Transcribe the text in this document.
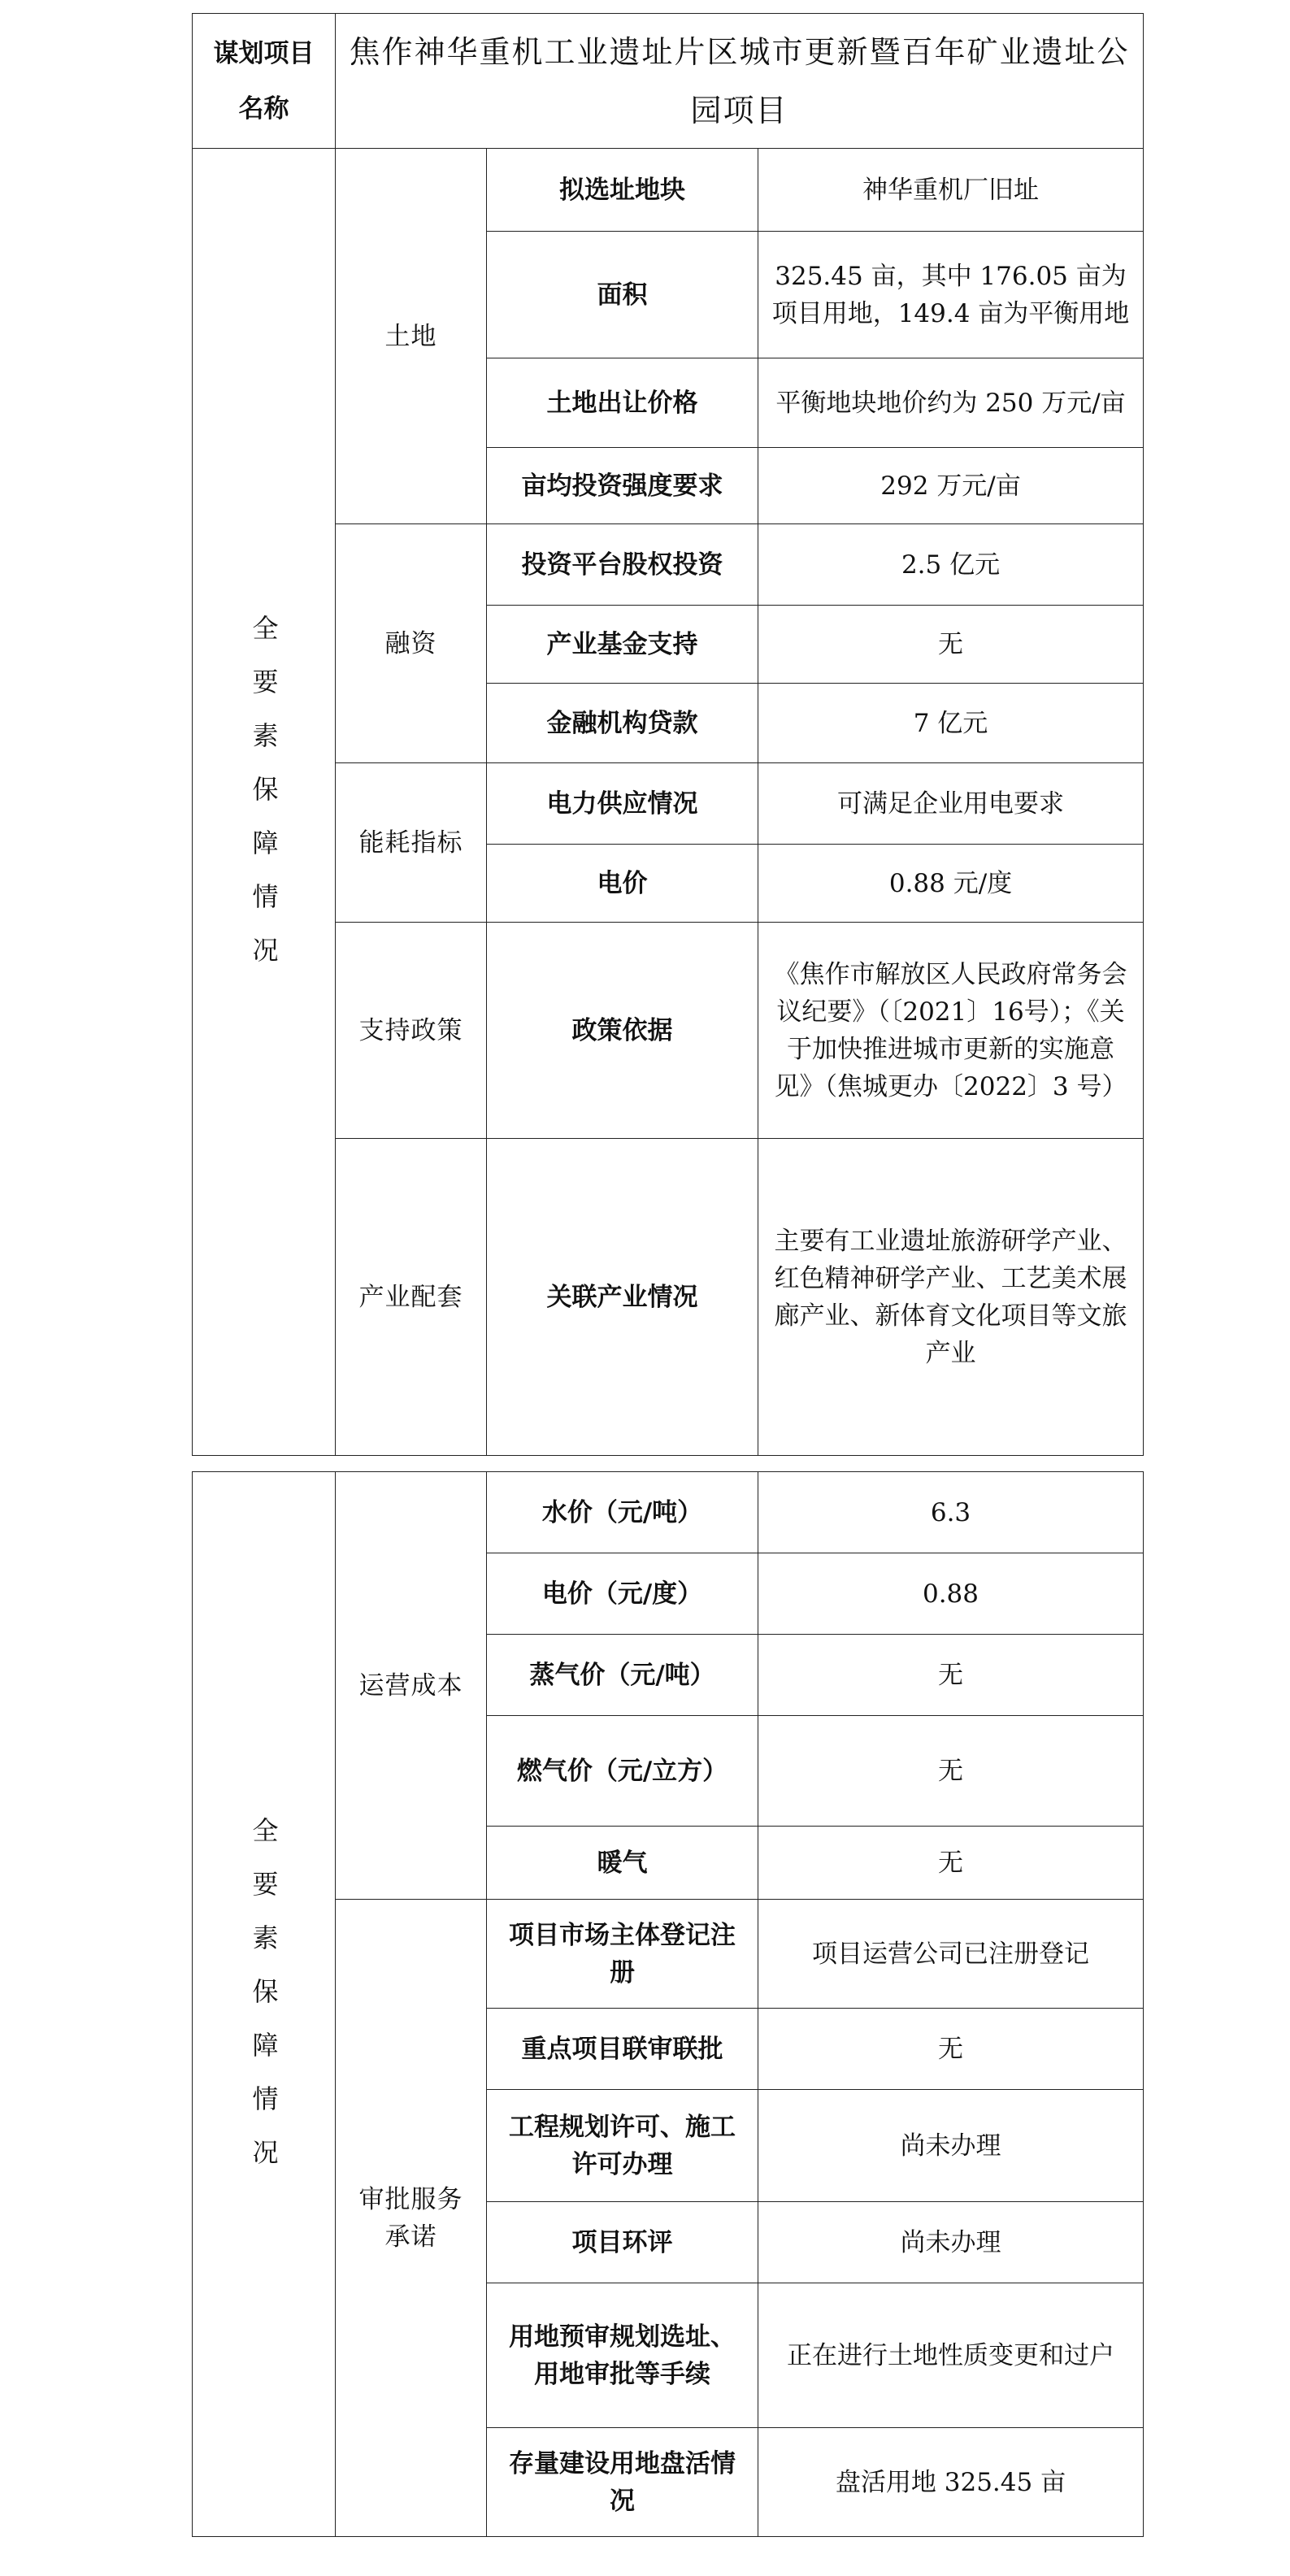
谋划项目
名称	焦作神华重机工业遗址片区城市更新暨百年矿业遗址公园项目		

全要素保障情况	土地	拟选址地块	神华重机厂旧址
		面积	325.45 亩，其中 176.05 亩为项目用地，149.4 亩为平衡用地
		土地出让价格	平衡地块地价约为 250 万元/亩
		亩均投资强度要求	292 万元/亩
	融资	投资平台股权投资	2.5 亿元
		产业基金支持	无
		金融机构贷款	7 亿元
	能耗指标	电力供应情况	可满足企业用电要求
		电价	0.88 元/度
	支持政策	政策依据	《焦作市解放区人民政府常务会议纪要》（〔2021〕16号）；《关于加快推进城市更新的实施意见》（焦城更办〔2022〕3 号）
	产业配套	关联产业情况	主要有工业遗址旅游研学产业、红色精神研学产业、工艺美术展廊产业、新体育文化项目等文旅产业
全要素保障情况	运营成本	水价（元/吨）	6.3
		电价（元/度）	0.88
		蒸气价（元/吨）	无
		燃气价（元/立方）	无
		暖气	无
	审批服务承诺	项目市场主体登记注册	项目运营公司已注册登记
		重点项目联审联批	无
		工程规划许可、施工许可办理	尚未办理
		项目环评	尚未办理
		用地预审规划选址、用地审批等手续	正在进行土地性质变更和过户
		存量建设用地盘活情况	盘活用地 325.45 亩
